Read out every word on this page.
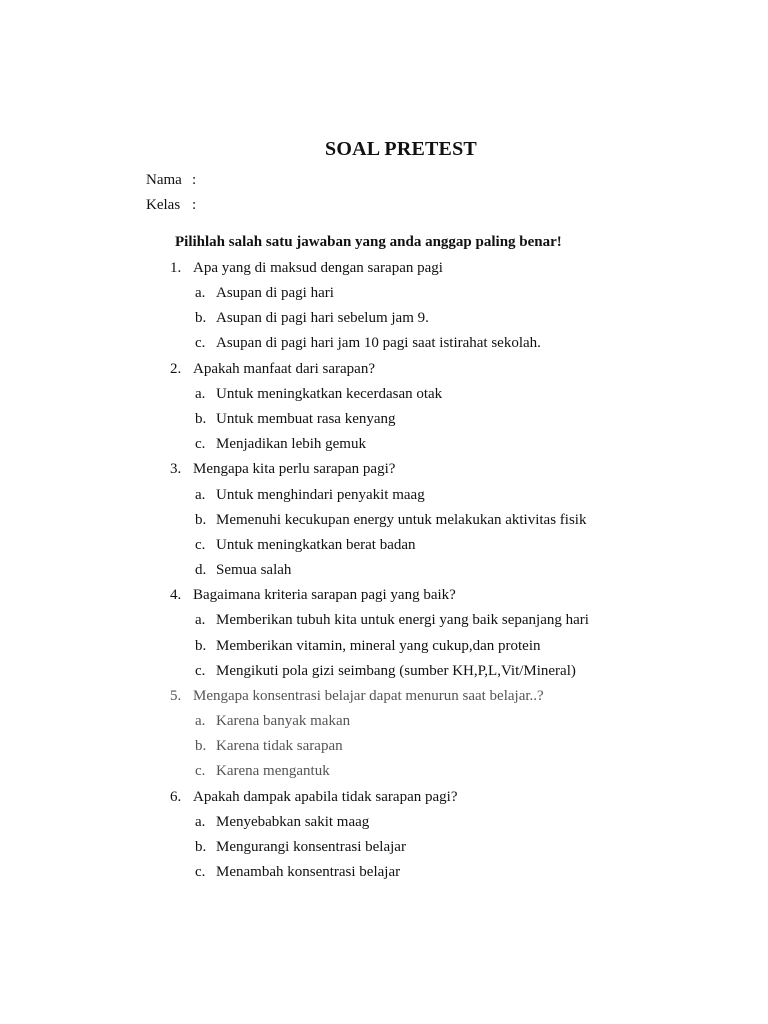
SOAL PRETEST
Nama :
Kelas :
Pilihlah salah satu jawaban yang anda anggap paling benar!
1. Apa yang di maksud dengan sarapan pagi
a. Asupan di pagi hari
b. Asupan di pagi hari sebelum jam 9.
c. Asupan di pagi hari jam 10 pagi saat istirahat sekolah.
2. Apakah manfaat dari sarapan?
a. Untuk meningkatkan kecerdasan otak
b. Untuk membuat rasa kenyang
c. Menjadikan lebih gemuk
3. Mengapa kita perlu sarapan pagi?
a. Untuk menghindari penyakit maag
b. Memenuhi kecukupan energy untuk melakukan aktivitas fisik
c. Untuk meningkatkan berat badan
d. Semua salah
4. Bagaimana kriteria sarapan pagi yang baik?
a. Memberikan tubuh kita untuk energi yang baik sepanjang hari
b. Memberikan vitamin, mineral yang cukup,dan protein
c. Mengikuti pola gizi seimbang (sumber KH,P,L,Vit/Mineral)
5. Mengapa konsentrasi belajar dapat menurun saat belajar..?
a. Karena banyak makan
b. Karena tidak sarapan
c. Karena mengantuk
6. Apakah dampak apabila tidak sarapan pagi?
a. Menyebabkan sakit maag
b. Mengurangi konsentrasi belajar
c. Menambah konsentrasi belajar
